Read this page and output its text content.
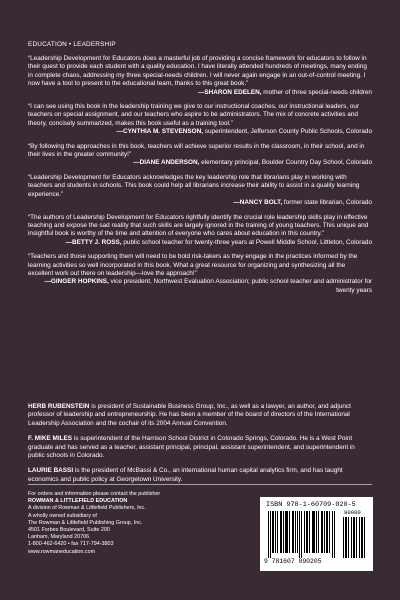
EDUCATION • LEADERSHIP

“Leadership Development for Educators does a masterful job of providing a concise framework for educators to follow in their quest to provide each student with a quality education. I have literally attended hundreds of meetings, many ending in complete chaos, addressing my three special-needs children. I will never again engage in an out-of-control meeting. I now have a tool to present to the educational team, thanks to this great book.”

—SHARON EDELEN, mother of three special-needs children

“I can see using this book in the leadership training we give to our instructional coaches, our instructional leaders, our teachers on special assignment, and our teachers who aspire to be administrators. The mix of concrete activities and theory, concisely summarized, makes this book useful as a training tool.”

—CYNTHIA M. STEVENSON, superintendent, Jefferson County Public Schools, Colorado

“By following the approaches in this book, teachers will achieve superior results in the classroom, in their school, and in their lives in the greater community!”

—DIANE ANDERSON, elementary principal, Boulder Country Day School, Colorado

“Leadership Development for Educators acknowledges the key leadership role that librarians play in working with teachers and students in schools. This book could help all librarians increase their ability to assist in a quality learning experience.”

—NANCY BOLT, former state librarian, Colorado

“The authors of Leadership Development for Educators rightfully identify the crucial role leadership skills play in effective teaching and expose the sad reality that such skills are largely ignored in the training of young teachers. This unique and insightful book is worthy of the time and attention of everyone who cares about education in this country.”

—BETTY J. ROSS, public school teacher for twenty-three years at Powell Middle School, Littleton, Colorado

“Teachers and those supporting them will need to be bold risk-takers as they engage in the practices informed by the learning activities so well incorporated in this book. What a great resource for organizing and synthesizing all the excellent work out there on leadership—love the approach!”

—GINGER HOPKINS, vice president, Northwest Evaluation Association; public school teacher and administrator for twenty years

HERB RUBENSTEIN is president of Sustainable Business Group, Inc., as well as a lawyer, an author, and adjunct professor of leadership and entrepreneurship. He has been a member of the board of directors of the International Leadership Association and the cochair of its 2004 Annual Convention.

F. MIKE MILES is superintendent of the Harrison School District in Colorado Springs, Colorado. He is a West Point graduate and has served as a teacher, assistant principal, principal, assistant superintendent, and superintendent in public schools in Colorado.

LAURIE BASSI is the president of McBassi & Co., an international human capital analytics firm, and has taught economics and public policy at Georgetown University.

For orders and information please contact the publisher
ROWMAN & LITTLEFIELD EDUCATION
A division of Rowman & Littlefield Publishers, Inc.
A wholly owned subsidiary of
The Rowman & Littlefield Publishing Group, Inc.
4501 Forbes Boulevard, Suite 200
Lanham, Maryland 20706
1-800-462-6420 • fax 717-794-3803
www.rowmaneducation.com
ISBN 978-1-60709-020-5
9 781607 090205
90000
